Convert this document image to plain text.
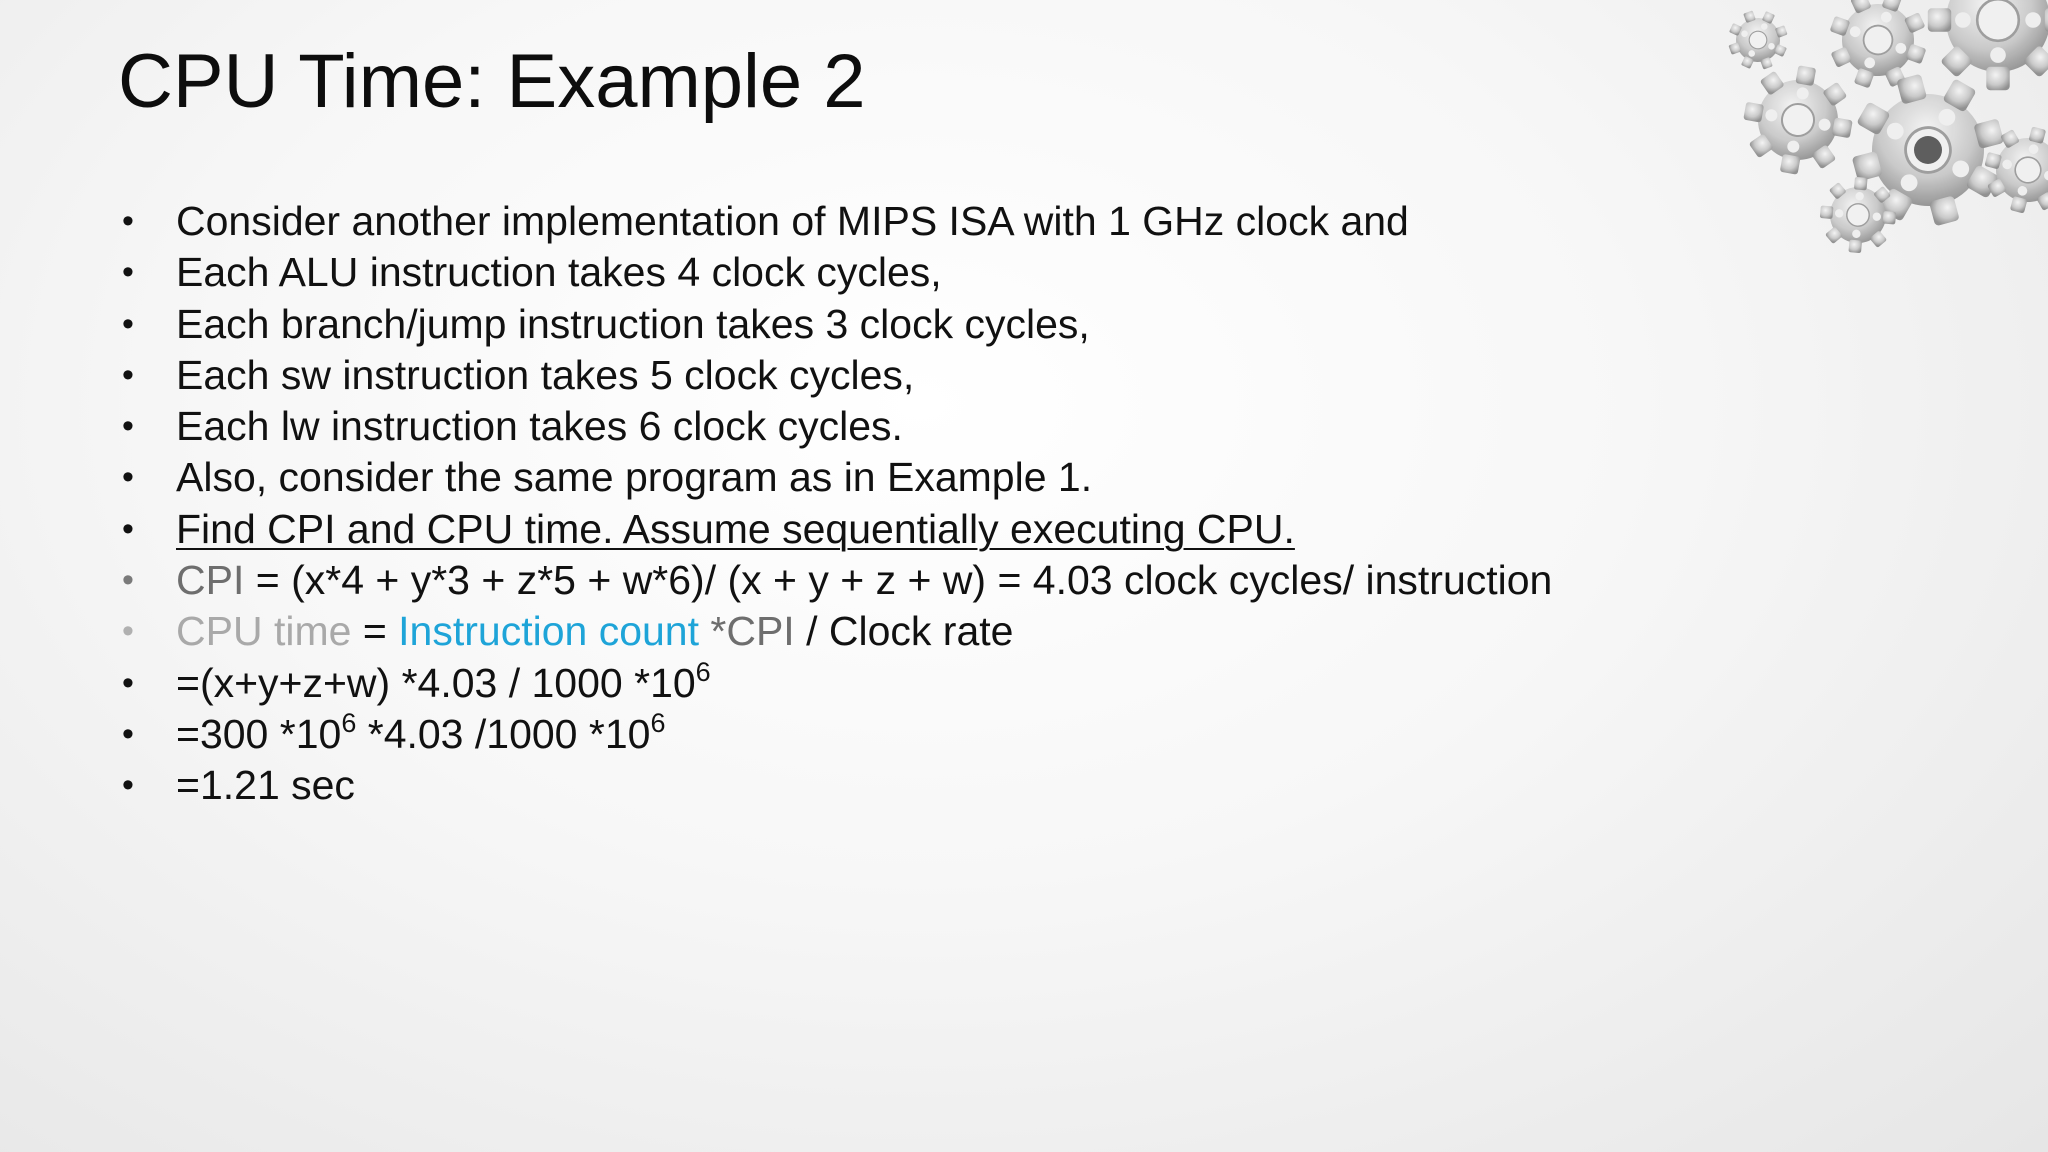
CPU Time: Example 2
• Consider another implementation of MIPS ISA with 1 GHz clock and
• Each ALU instruction takes 4 clock cycles,
• Each branch/jump instruction takes 3 clock cycles,
• Each sw instruction takes 5 clock cycles,
• Each lw instruction takes 6 clock cycles.
• Also, consider the same program as in Example 1.
• Find CPI and CPU time. Assume sequentially executing CPU.
• CPI = (x*4 + y*3 + z*5 + w*6)/ (x + y + z + w) = 4.03 clock cycles/ instruction
• CPU time = Instruction count *CPI / Clock rate
• =(x+y+z+w) *4.03 / 1000 $*10^6$
• =300 $*10^6$ *4.03 /1000 $*10^6$
• =1.21 sec
